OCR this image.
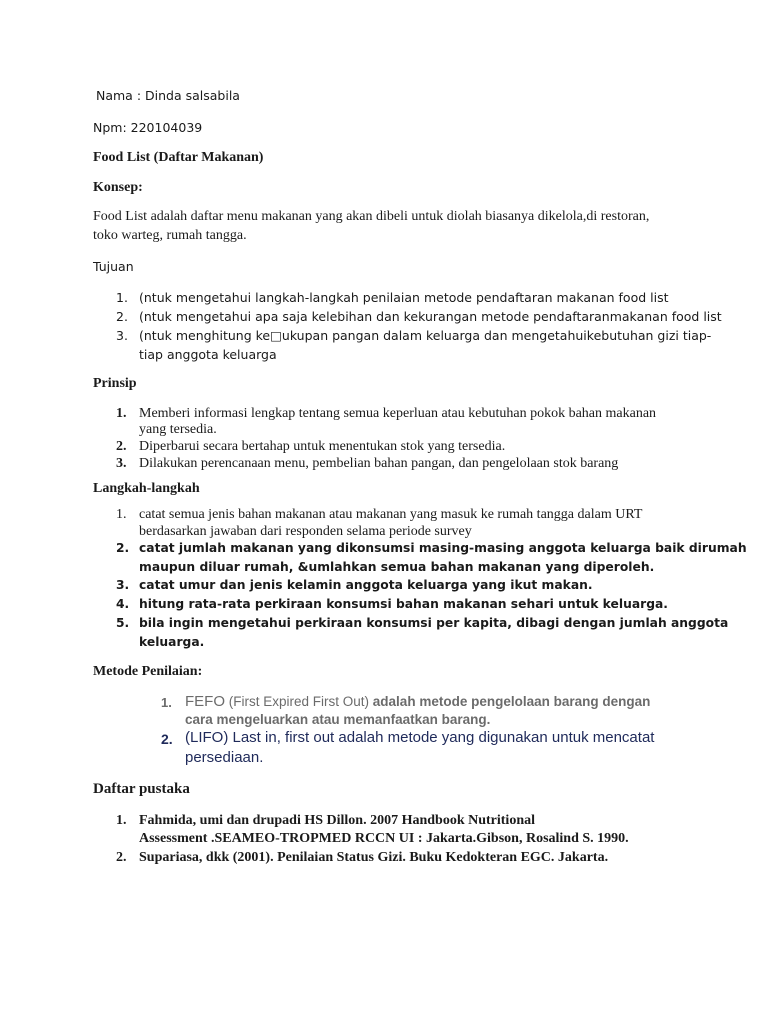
Nama : Dinda salsabila
Npm: 220104039
Food List (Daftar Makanan)
Konsep:
Food List adalah daftar menu makanan yang akan dibeli untuk diolah biasanya dikelola,di restoran,
toko warteg, rumah tangga.
Tujuan
1. (ntuk mengetahui langkah-langkah penilaian metode pendaftaran makanan food list
2. (ntuk mengetahui apa saja kelebihan dan kekurangan metode pendaftaranmakanan food list
3. (ntuk menghitung ke□ukupan pangan dalam keluarga dan mengetahuikebutuhan gizi tiap-
tiap anggota keluarga
Prinsip
1. Memberi informasi lengkap tentang semua keperluan atau kebutuhan pokok bahan makanan
yang tersedia.
2. Diperbarui secara bertahap untuk menentukan stok yang tersedia.
3. Dilakukan perencanaan menu, pembelian bahan pangan, dan pengelolaan stok barang
Langkah-langkah
1. catat semua jenis bahan makanan atau makanan yang masuk ke rumah tangga dalam URT
berdasarkan jawaban dari responden selama periode survey
2. catat jumlah makanan yang dikonsumsi masing-masing anggota keluarga baik dirumah
maupun diluar rumah, &umlahkan semua bahan makanan yang diperoleh.
3. catat umur dan jenis kelamin anggota keluarga yang ikut makan.
4. hitung rata-rata perkiraan konsumsi bahan makanan sehari untuk keluarga.
5. bila ingin mengetahui perkiraan konsumsi per kapita, dibagi dengan jumlah anggota
keluarga.
Metode Penilaian:
1. FEFO (First Expired First Out) adalah metode pengelolaan barang dengan
cara mengeluarkan atau memanfaatkan barang.
2. (LIFO) Last in, first out adalah metode yang digunakan untuk mencatat
persediaan.
Daftar pustaka
1. Fahmida, umi dan drupadi HS Dillon. 2007 Handbook Nutritional
Assessment .SEAMEO-TROPMED RCCN UI : Jakarta.Gibson, Rosalind S. 1990.
2. Supariasa, dkk (2001). Penilaian Status Gizi. Buku Kedokteran EGC. Jakarta.
